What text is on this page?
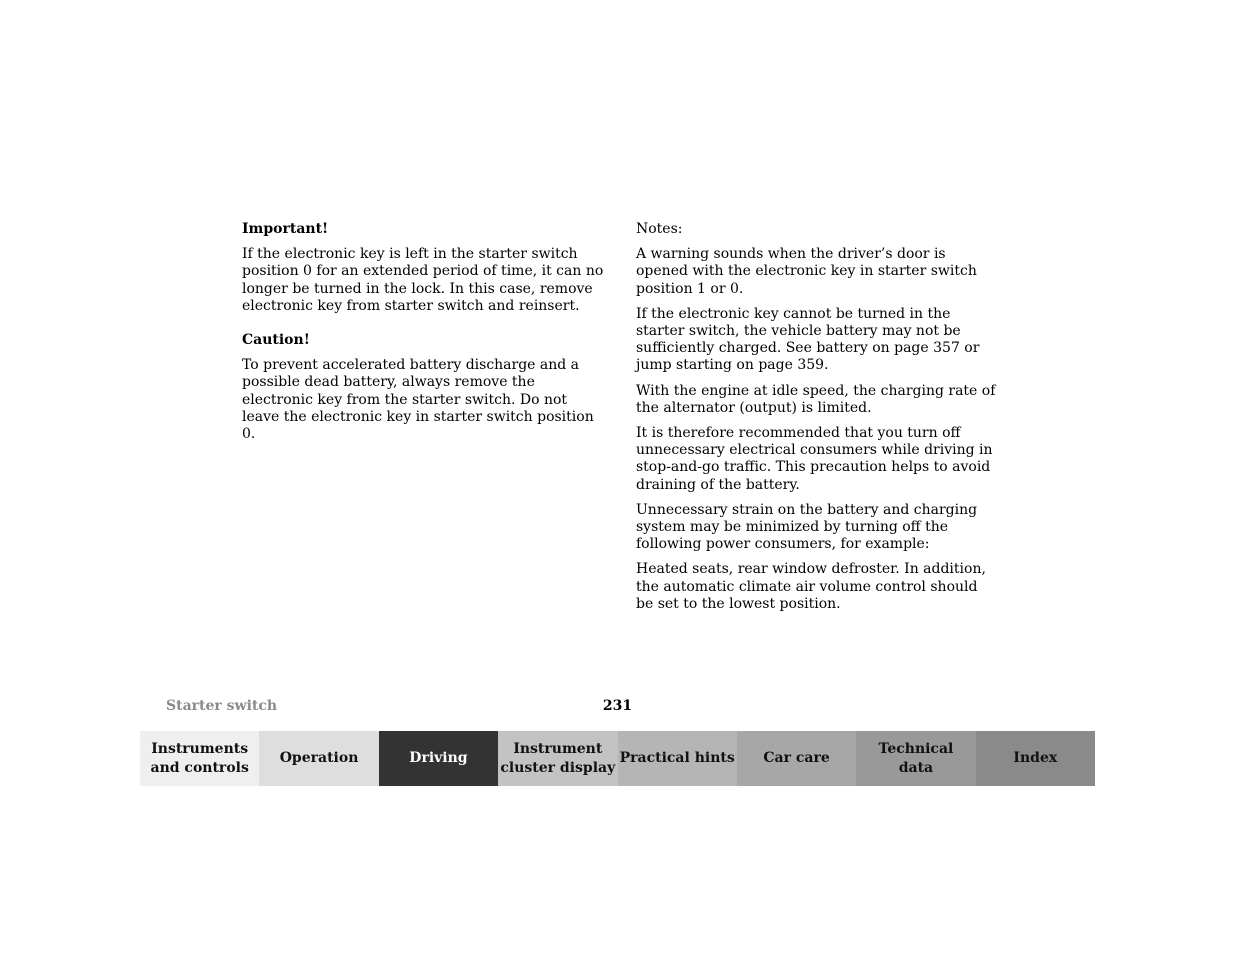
Important!

If the electronic key is left in the starter switch position 0 for an extended period of time, it can no longer be turned in the lock. In this case, remove electronic key from starter switch and reinsert.

Caution!

To prevent accelerated battery discharge and a possible dead battery, always remove the electronic key from the starter switch. Do not leave the electronic key in starter switch position 0.

Notes:

A warning sounds when the driver’s door is opened with the electronic key in starter switch position 1 or 0.

If the electronic key cannot be turned in the starter switch, the vehicle battery may not be sufficiently charged. See battery on page 357 or jump starting on page 359.

With the engine at idle speed, the charging rate of the alternator (output) is limited.

It is therefore recommended that you turn off unnecessary electrical consumers while driving in stop-and-go traffic. This precaution helps to avoid draining of the battery.

Unnecessary strain on the battery and charging system may be minimized by turning off the following power consumers, for example:

Heated seats, rear window defroster. In addition, the automatic climate air volume control should be set to the lowest position.

Starter switch	231
Instruments
and controls
Operation	Driving
Instrument
cluster display
Practical hints	Car care
Technical
data
Index
